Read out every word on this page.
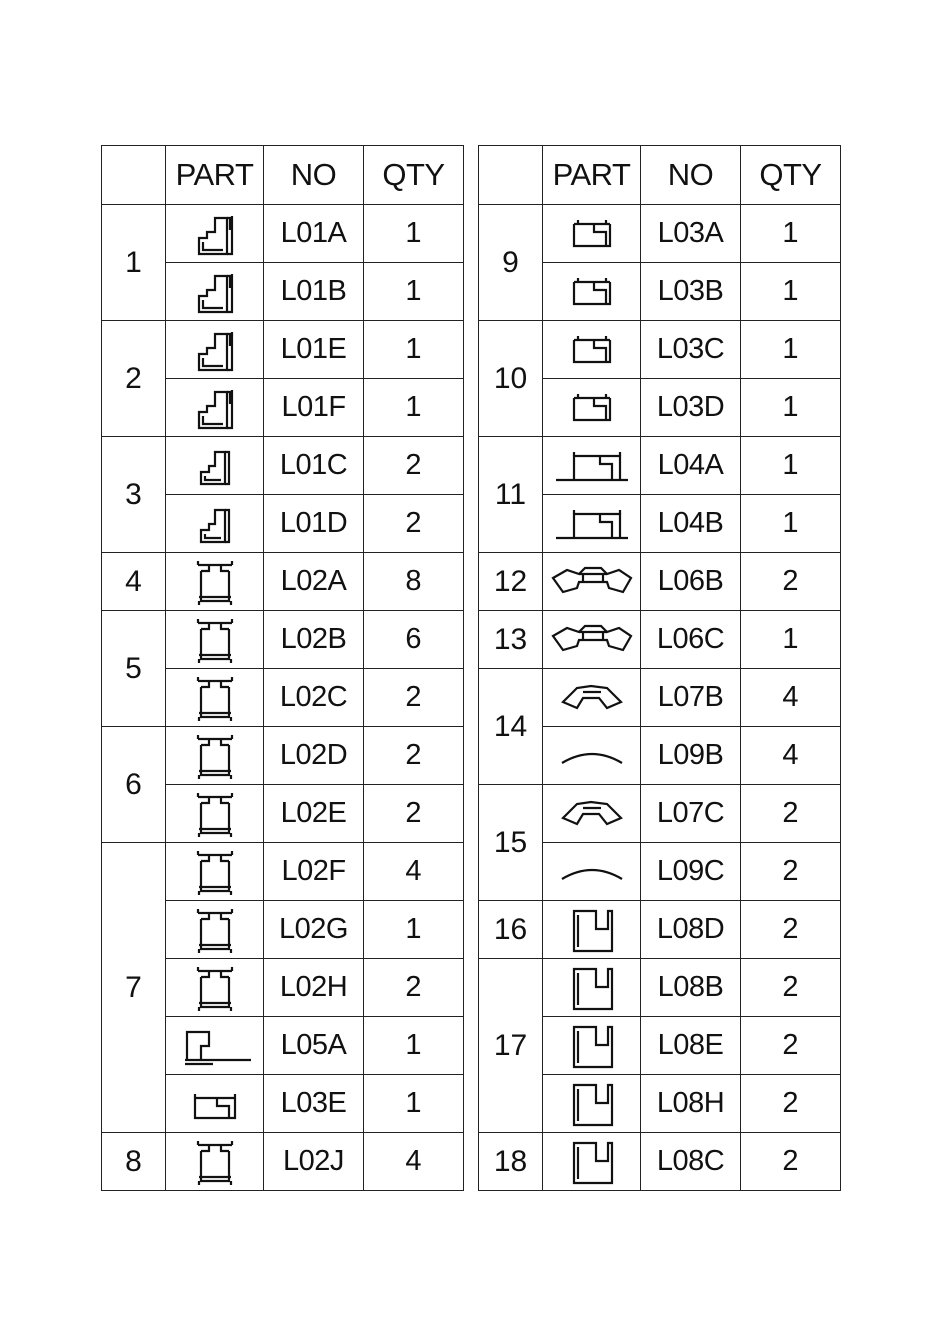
	PART	NO	QTY
1		L01A	1

	L01B	1
2		L01E	1

	L01F	1
3		L01C	2

	L01D	2
4		L02A	8
5		L02B	6

	L02C	2
6		L02D	2

	L02E	2
7		L02F	4

	L02G	1

	L02H	2

	L05A	1

	L03E	1
8		L02J	4
	PART	NO	QTY
9		L03A	1

	L03B	1
10		L03C	1

	L03D	1
11		L04A	1

	L04B	1
12		L06B	2
13		L06C	1
14		L07B	4

	L09B	4
15		L07C	2

	L09C	2
16		L08D	2
17		L08B	2

	L08E	2

	L08H	2
18		L08C	2
